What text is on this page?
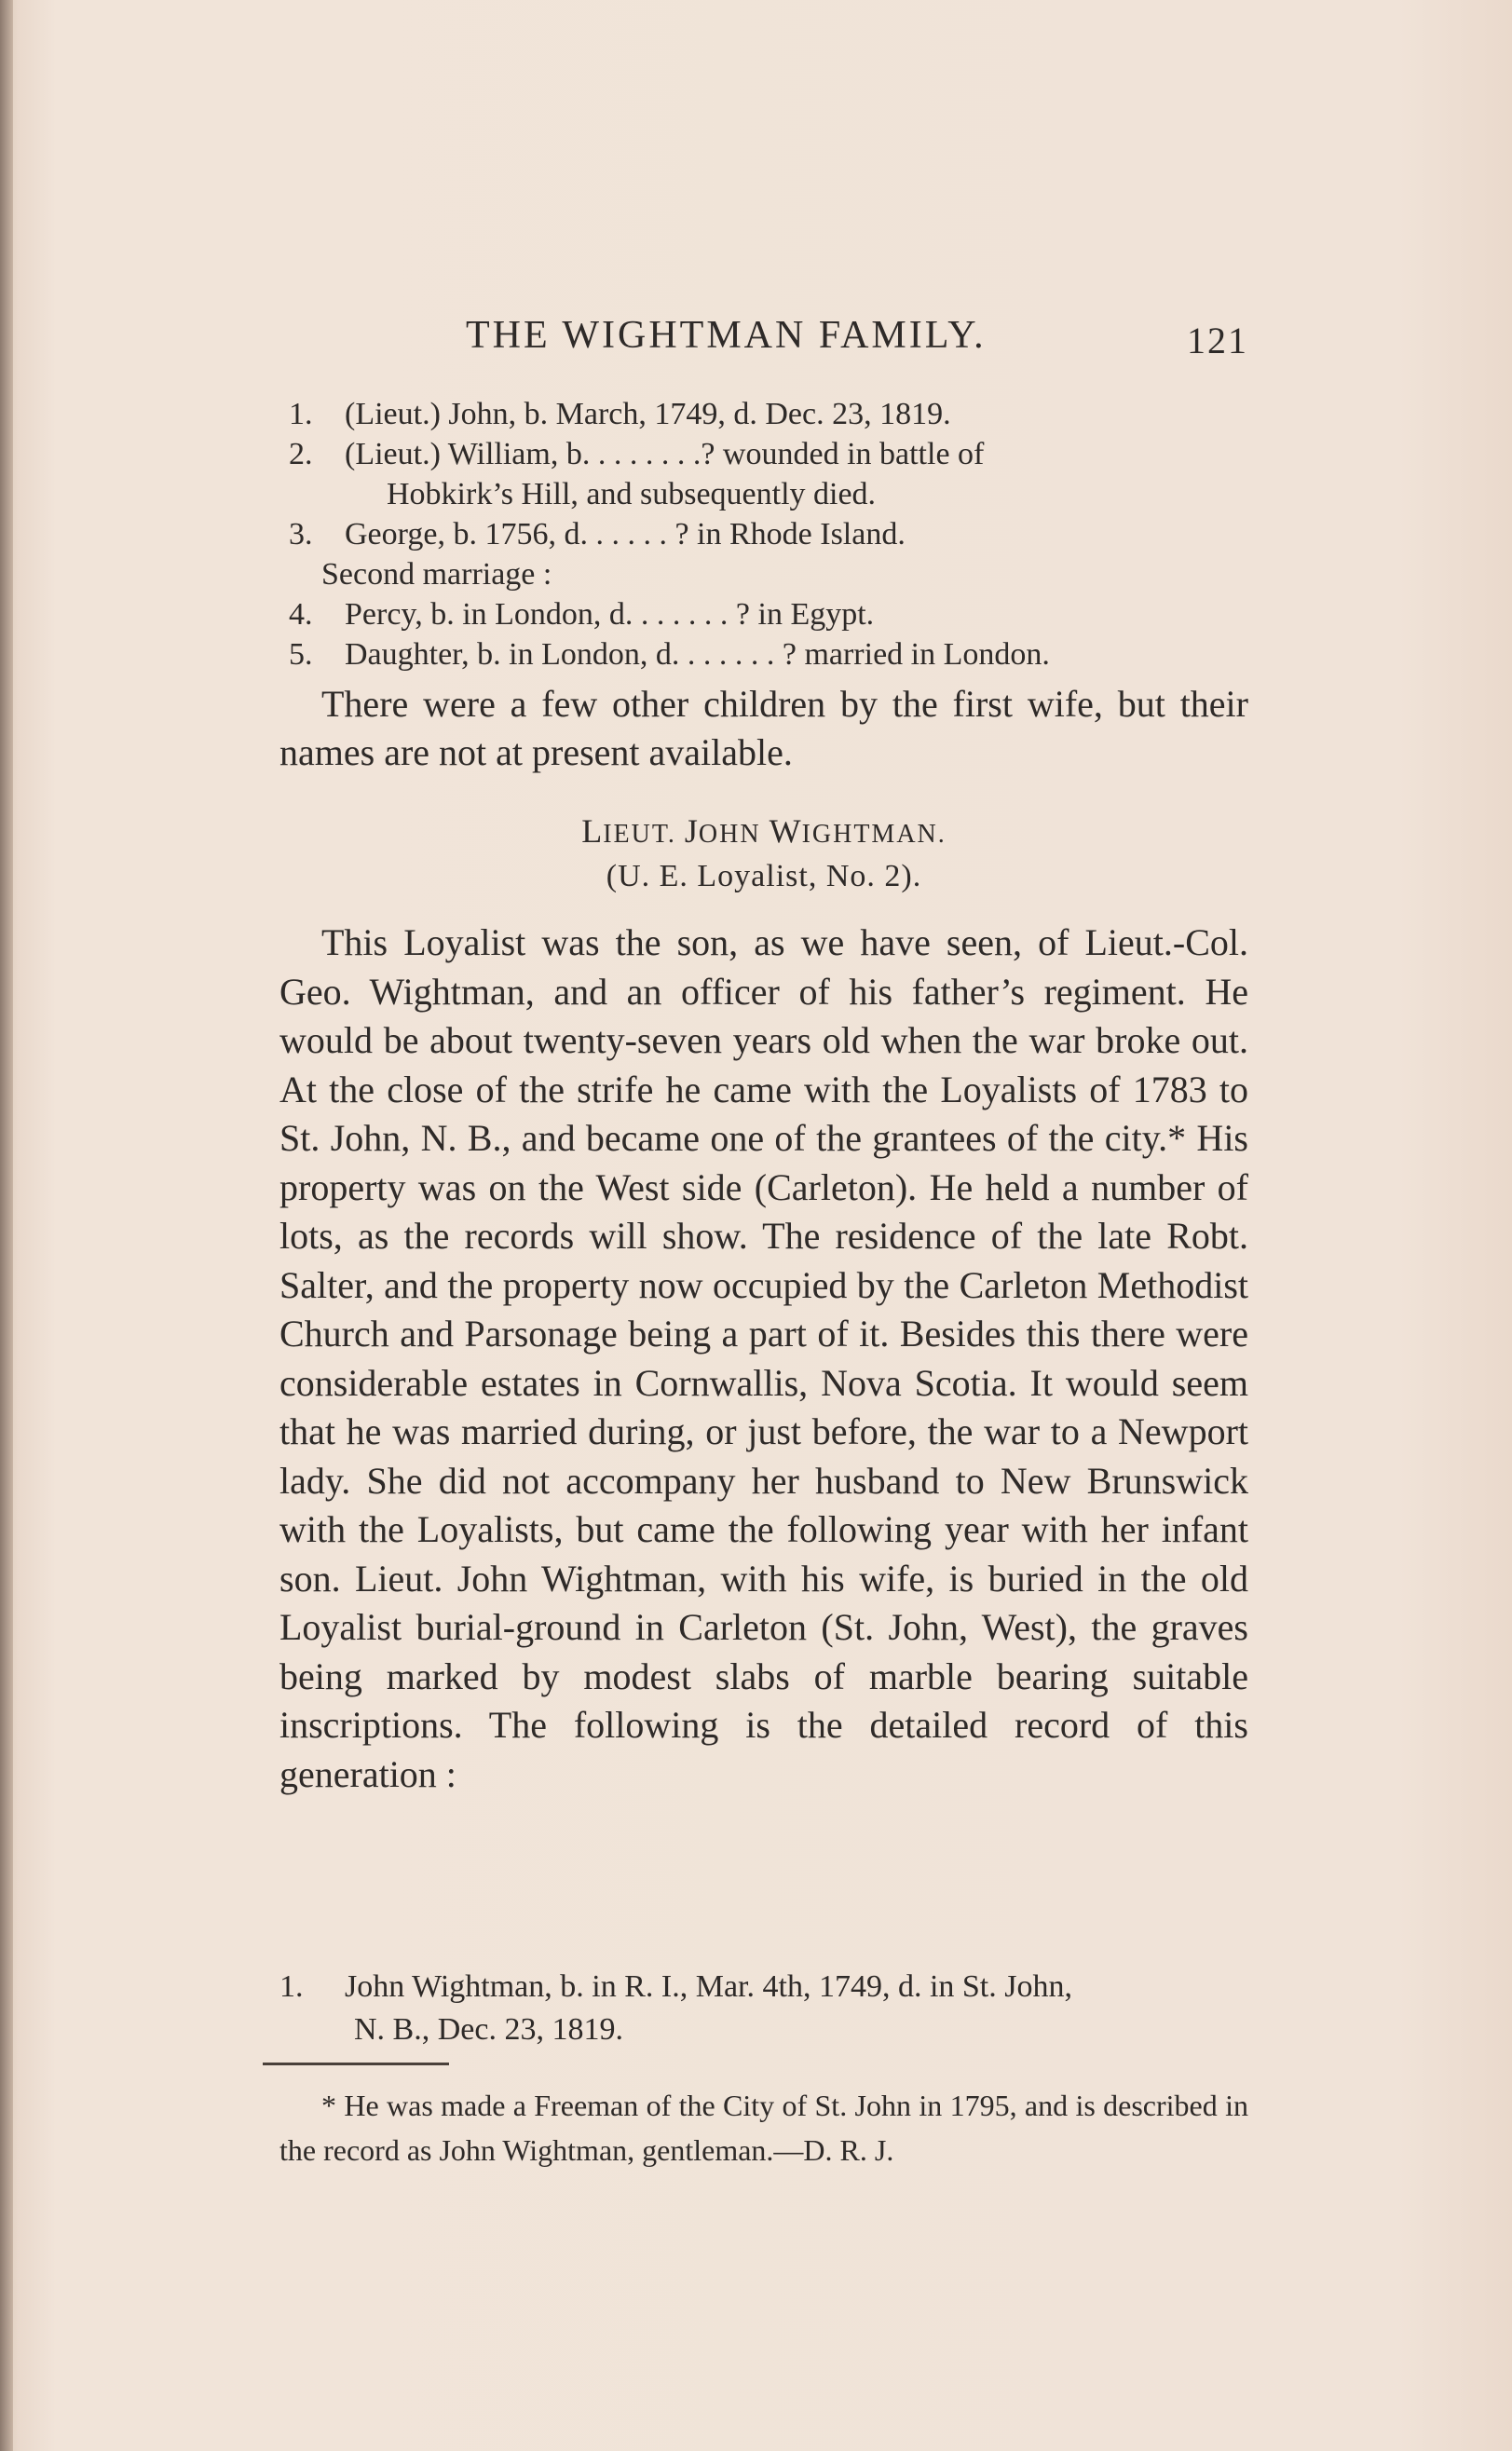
THE WIGHTMAN FAMILY.	121
1. (Lieut.) John, b. March, 1749, d. Dec. 23, 1819.
2. (Lieut.) William, b. . . . . . . .? wounded in battle of
Hobkirk’s Hill, and subsequently died.
3. George, b. 1756, d. . . . . . ? in Rhode Island.
Second marriage :
4. Percy, b. in London, d. . . . . . . ? in Egypt.
5. Daughter, b. in London, d. . . . . . . ? married in London.
There were a few other children by the first wife, but their names are not at present available.
LIEUT. JOHN WIGHTMAN.
(U. E. Loyalist, No. 2).
This Loyalist was the son, as we have seen, of Lieut.-Col. Geo. Wightman, and an officer of his father’s regiment. He would be about twenty-seven years old when the war broke out. At the close of the strife he came with the Loyalists of 1783 to St. John, N. B., and became one of the grantees of the city.* His property was on the West side (Carleton). He held a number of lots, as the records will show. The residence of the late Robt. Salter, and the property now occupied by the Carleton Methodist Church and Parsonage being a part of it. Besides this there were considerable estates in Cornwallis, Nova Scotia. It would seem that he was married during, or just before, the war to a Newport lady. She did not accompany her husband to New Brunswick with the Loyalists, but came the following year with her infant son. Lieut. John Wightman, with his wife, is buried in the old Loyalist burial-ground in Carleton (St. John, West), the graves being marked by modest slabs of marble bearing suitable inscriptions. The following is the detailed record of this generation :
1. John Wightman, b. in R. I., Mar. 4th, 1749, d. in St. John,
N. B., Dec. 23, 1819.
* He was made a Freeman of the City of St. John in 1795, and is described in the record as John Wightman, gentleman.—D. R. J.
